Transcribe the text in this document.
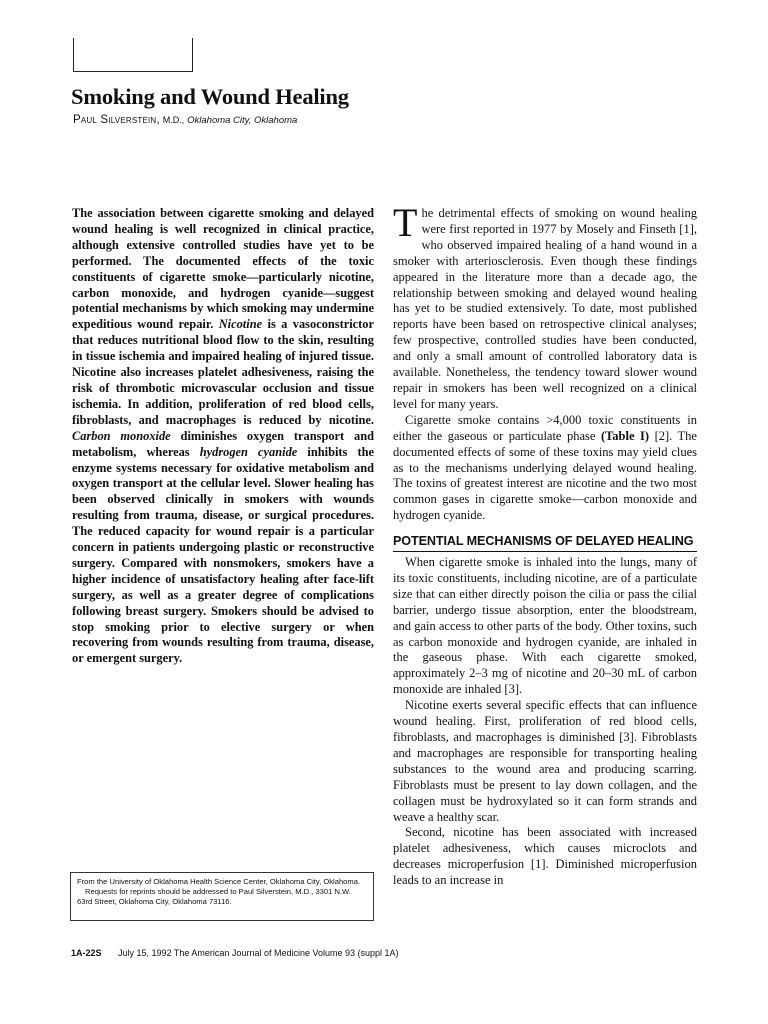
Smoking and Wound Healing
Paul Silverstein, M.D., Oklahoma City, Oklahoma

The association between cigarette smoking and delayed wound healing is well recognized in clinical practice, although extensive controlled studies have yet to be performed. The documented effects of the toxic constituents of cigarette smoke—particularly nicotine, carbon monoxide, and hydrogen cyanide—suggest potential mechanisms by which smoking may undermine expeditious wound repair. Nicotine is a vasoconstrictor that reduces nutritional blood flow to the skin, resulting in tissue ischemia and impaired healing of injured tissue. Nicotine also increases platelet adhesiveness, raising the risk of thrombotic microvascular occlusion and tissue ischemia. In addition, proliferation of red blood cells, fibroblasts, and macrophages is reduced by nicotine. Carbon monoxide diminishes oxygen transport and metabolism, whereas hydrogen cyanide inhibits the enzyme systems necessary for oxidative metabolism and oxygen transport at the cellular level. Slower healing has been observed clinically in smokers with wounds resulting from trauma, disease, or surgical procedures. The reduced capacity for wound repair is a particular concern in patients undergoing plastic or reconstructive surgery. Compared with nonsmokers, smokers have a higher incidence of unsatisfactory healing after face-lift surgery, as well as a greater degree of complications following breast surgery. Smokers should be advised to stop smoking prior to elective surgery or when recovering from wounds resulting from trauma, disease, or emergent surgery.

From the University of Oklahoma Health Science Center, Oklahoma City, Oklahoma.

Requests for reprints should be addressed to Paul Silverstein, M.D., 3301 N.W. 63rd Street, Oklahoma City, Oklahoma 73116.

1A-22S July 15, 1992 The American Journal of Medicine Volume 93 (suppl 1A)

The detrimental effects of smoking on wound healing were first reported in 1977 by Mosely and Finseth [1], who observed impaired healing of a hand wound in a smoker with arteriosclerosis. Even though these findings appeared in the literature more than a decade ago, the relationship between smoking and delayed wound healing has yet to be studied extensively. To date, most published reports have been based on retrospective clinical analyses; few prospective, controlled studies have been conducted, and only a small amount of controlled laboratory data is available. Nonetheless, the tendency toward slower wound repair in smokers has been well recognized on a clinical level for many years.

Cigarette smoke contains >4,000 toxic constituents in either the gaseous or particulate phase (Table I) [2]. The documented effects of some of these toxins may yield clues as to the mechanisms underlying delayed wound healing. The toxins of greatest interest are nicotine and the two most common gases in cigarette smoke—carbon monoxide and hydrogen cyanide.

POTENTIAL MECHANISMS OF DELAYED HEALING

When cigarette smoke is inhaled into the lungs, many of its toxic constituents, including nicotine, are of a particulate size that can either directly poison the cilia or pass the cilial barrier, undergo tissue absorption, enter the bloodstream, and gain access to other parts of the body. Other toxins, such as carbon monoxide and hydrogen cyanide, are inhaled in the gaseous phase. With each cigarette smoked, approximately 2–3 mg of nicotine and 20–30 mL of carbon monoxide are inhaled [3].

Nicotine exerts several specific effects that can influence wound healing. First, proliferation of red blood cells, fibroblasts, and macrophages is diminished [3]. Fibroblasts and macrophages are responsible for transporting healing substances to the wound area and producing scarring. Fibroblasts must be present to lay down collagen, and the collagen must be hydroxylated so it can form strands and weave a healthy scar.

Second, nicotine has been associated with increased platelet adhesiveness, which causes microclots and decreases microperfusion [1]. Diminished microperfusion leads to an increase in
